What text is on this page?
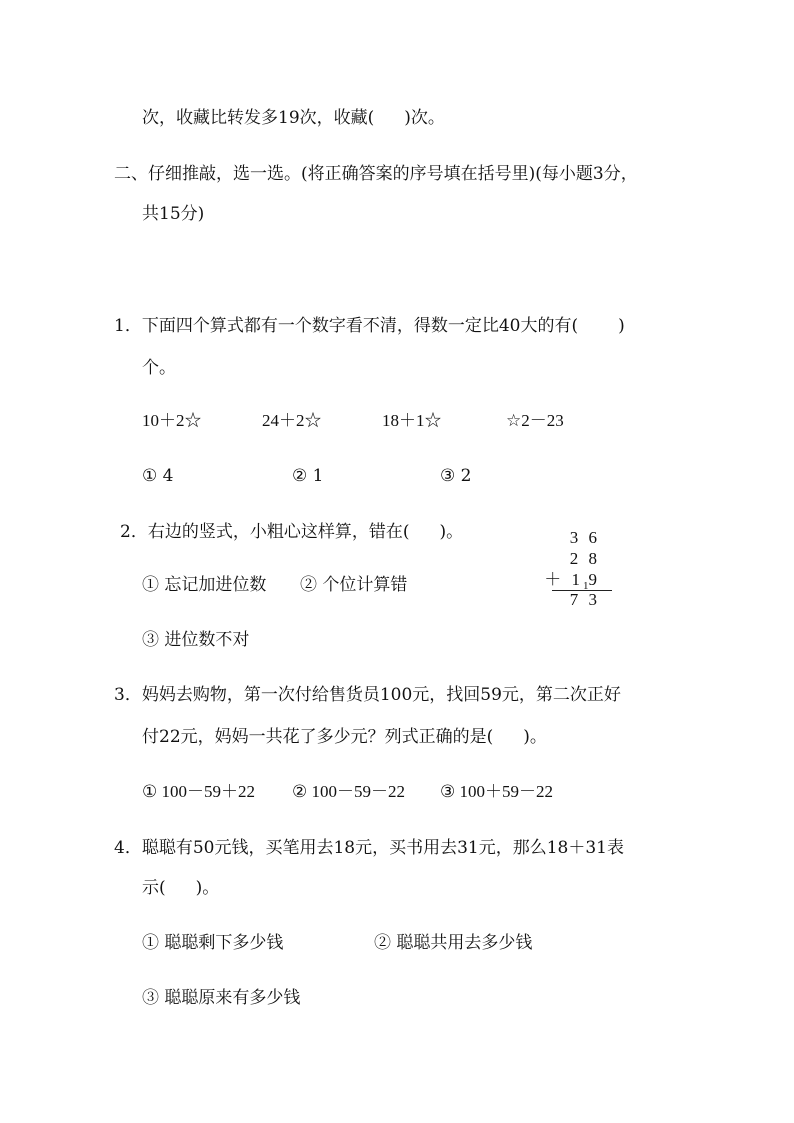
次，收藏比转发多19次，收藏( )次。
二、仔细推敲，选一选。(将正确答案的序号填在括号里)(每小题3分，
共15分)
1．下面四个算式都有一个数字看不清，得数一定比40大的有( )
个。
10＋2☆	24＋2☆	18＋1☆	☆2－23
① 4	② 1	③ 2
2．右边的竖式，小粗心这样算，错在( )。
① 忘记加进位数 ② 个位计算错
③ 进位数不对
3 6
2 8
＋ $1_19$
7 3
3．妈妈去购物，第一次付给售货员100元，找回59元，第二次正好
付22元，妈妈一共花了多少元？列式正确的是( )。
① 100－59＋22 ② 100－59－22 ③ 100＋59－22
4．聪聪有50元钱，买笔用去18元，买书用去31元，那么18＋31表
示( )。
① 聪聪剩下多少钱	② 聪聪共用去多少钱
③ 聪聪原来有多少钱
